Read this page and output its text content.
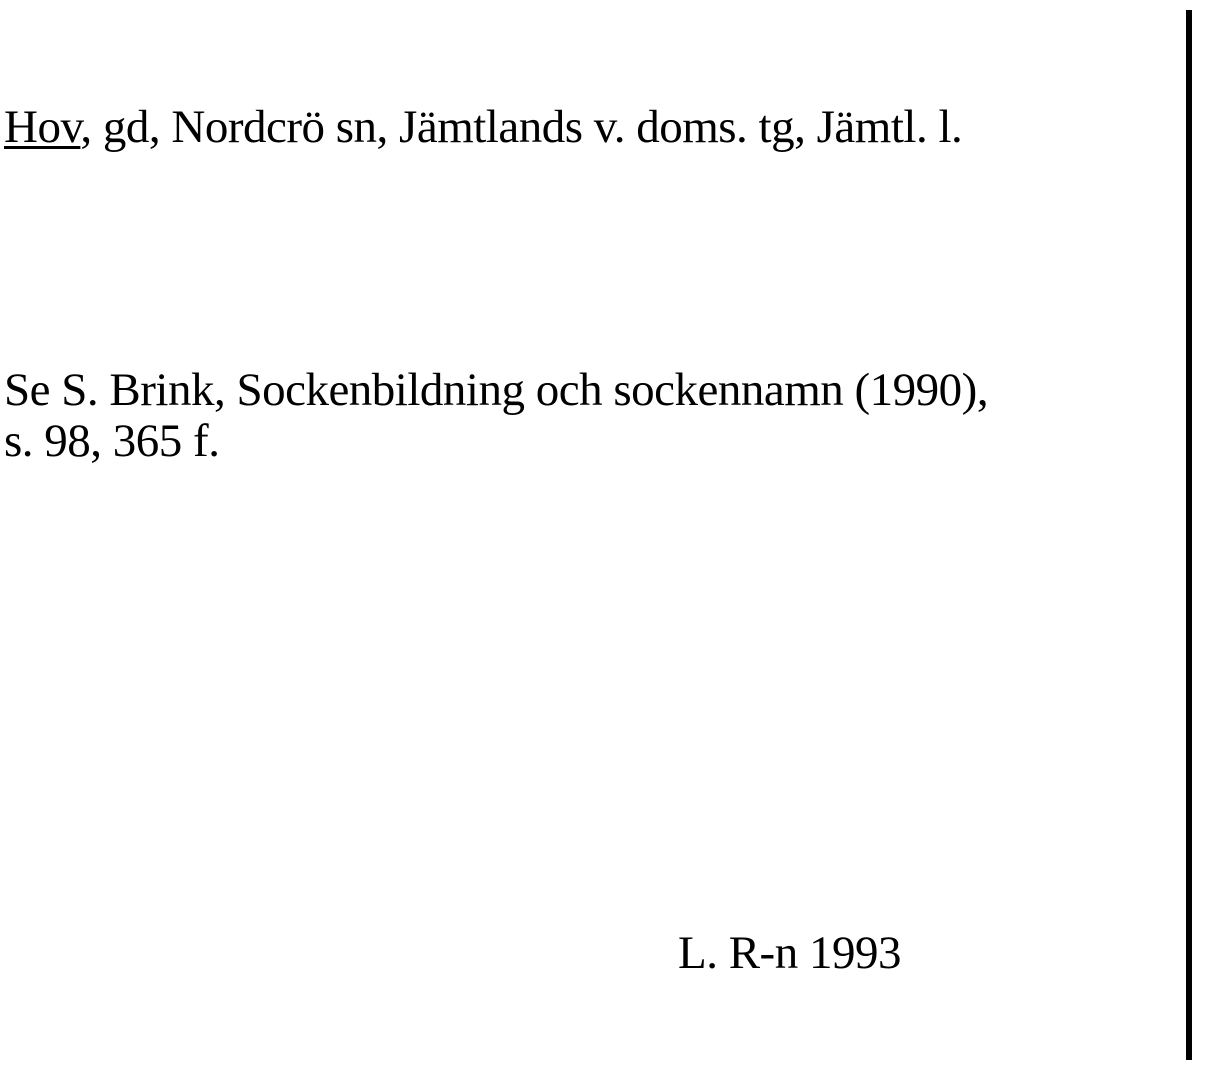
Hov, gd, Nordcrö sn, Jämtlands v. doms. tg, Jämtl. l.
Se S. Brink, Sockenbildning och sockennamn (1990),
s. 98, 365 f.
L. R-n 1993
